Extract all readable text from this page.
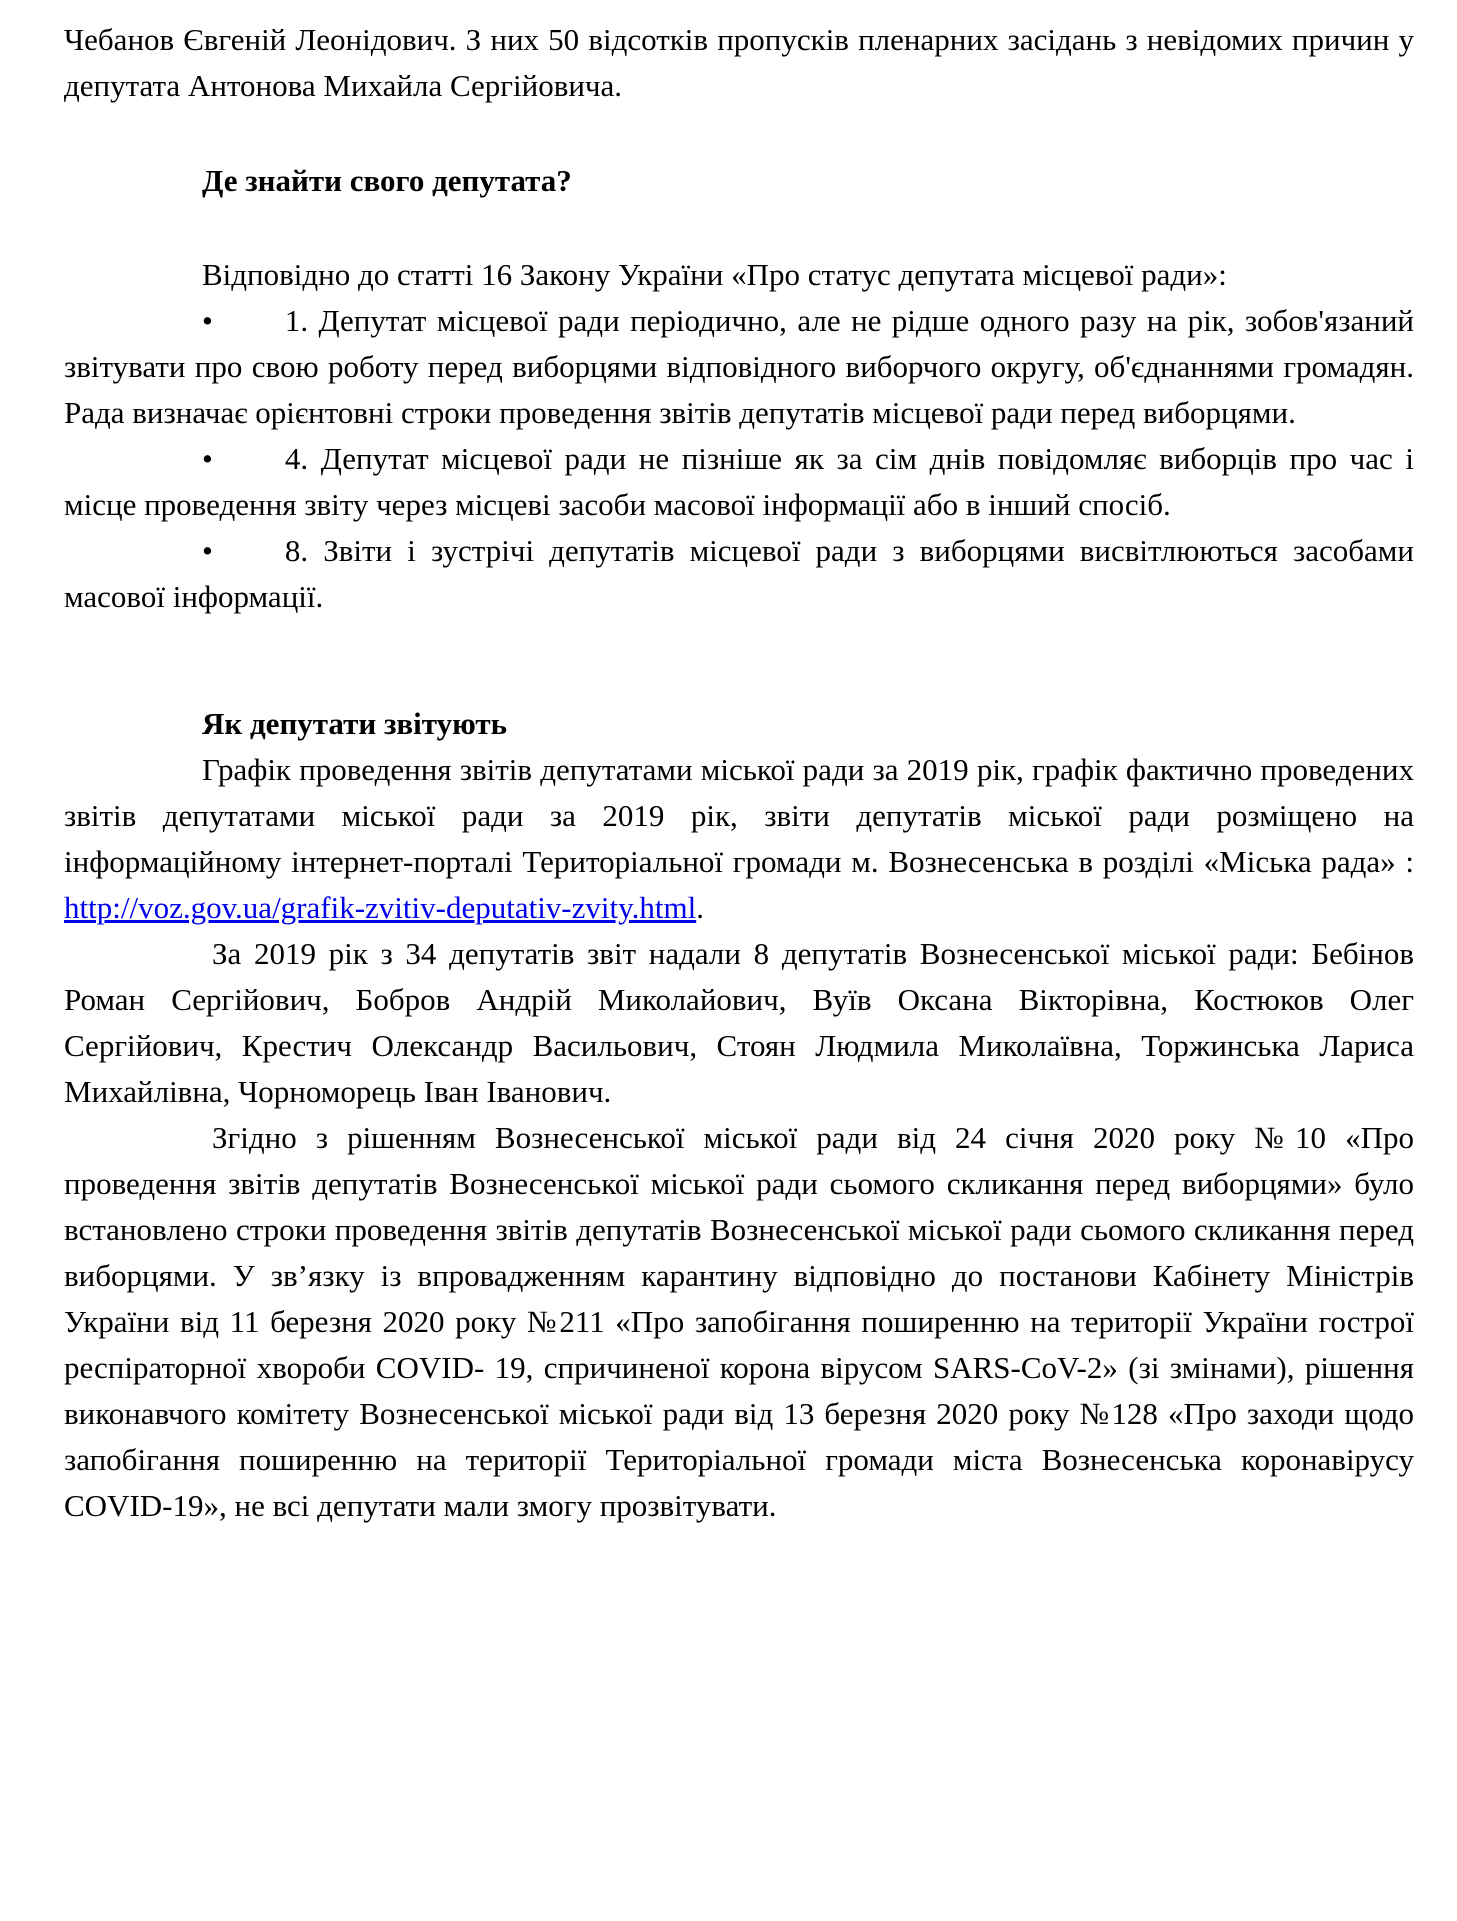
Чебанов Євгеній Леонідович. З них 50 відсотків пропусків пленарних засідань з невідомих причин у депутата Антонова Михайла Сергійовича.

Де знайти свого депутата?

Відповідно до статті 16 Закону України «Про статус депутата місцевої ради»:

• 1. Депутат місцевої ради періодично, але не рідше одного разу на рік, зобов'язаний звітувати про свою роботу перед виборцями відповідного виборчого округу, об'єднаннями громадян. Рада визначає орієнтовні строки проведення звітів депутатів місцевої ради перед виборцями.

• 4. Депутат місцевої ради не пізніше як за сім днів повідомляє виборців про час і місце проведення звіту через місцеві засоби масової інформації або в інший спосіб.

• 8. Звіти і зустрічі депутатів місцевої ради з виборцями висвітлюються засобами масової інформації.

Як депутати звітують

Графік проведення звітів депутатами міської ради за 2019 рік, графік фактично проведених звітів депутатами міської ради за 2019 рік, звіти депутатів міської ради розміщено на інформаційному інтернет-порталі Територіальної громади м. Вознесенська в розділі «Міська рада» : http://voz.gov.ua/grafik-zvitiv-deputativ-zvity.html.

За 2019 рік з 34 депутатів звіт надали 8 депутатів Вознесенської міської ради: Бебінов Роман Сергійович, Бобров Андрій Миколайович, Вуїв Оксана Вікторівна, Костюков Олег Сергійович, Крестич Олександр Васильович, Стоян Людмила Миколаївна, Торжинська Лариса Михайлівна, Чорноморець Іван Іванович.

Згідно з рішенням Вознесенської міської ради від 24 січня 2020 року №10 «Про проведення звітів депутатів Вознесенської міської ради сьомого скликання перед виборцями» було встановлено строки проведення звітів депутатів Вознесенської міської ради сьомого скликання перед виборцями. У зв’язку із впровадженням карантину відповідно до постанови Кабінету Міністрів України від 11 березня 2020 року №211 «Про запобігання поширенню на території України гострої респіраторної хвороби COVID- 19, спричиненої корона вірусом SARS-CoV-2» (зі змінами), рішення виконавчого комітету Вознесенської міської ради від 13 березня 2020 року №128 «Про заходи щодо запобігання поширенню на території Територіальної громади міста Вознесенська коронавірусу COVID-19», не всі депутати мали змогу прозвітувати.
